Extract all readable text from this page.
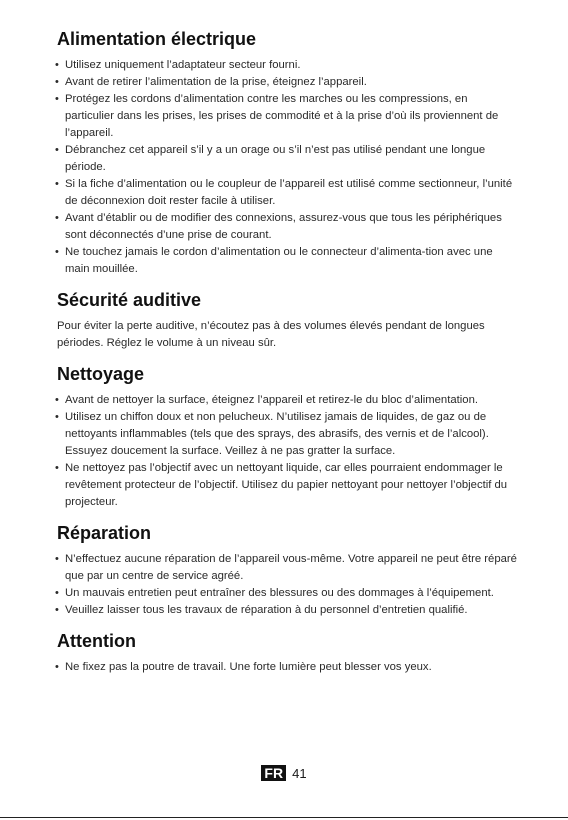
Alimentation électrique
• Utilisez uniquement l’adaptateur secteur fourni.
• Avant de retirer l’alimentation de la prise, éteignez l’appareil.
• Protégez les cordons d’alimentation contre les marches ou les compressions, en particulier dans les prises, les prises de commodité et à la prise d’où ils proviennent de l’appareil.
• Débranchez cet appareil s’il y a un orage ou s’il n’est pas utilisé pendant une longue période.
• Si la fiche d’alimentation ou le coupleur de l’appareil est utilisé comme sectionneur, l’unité de déconnexion doit rester facile à utiliser.
• Avant d’établir ou de modifier des connexions, assurez-vous que tous les périphériques sont déconnectés d’une prise de courant.
• Ne touchez jamais le cordon d’alimentation ou le connecteur d’alimenta-tion avec une main mouillée.
Sécurité auditive

Pour éviter la perte auditive, n’écoutez pas à des volumes élevés pendant de longues périodes. Réglez le volume à un niveau sûr.

Nettoyage
• Avant de nettoyer la surface, éteignez l’appareil et retirez-le du bloc d’alimentation.
• Utilisez un chiffon doux et non pelucheux. N’utilisez jamais de liquides, de gaz ou de nettoyants inflammables (tels que des sprays, des abrasifs, des vernis et de l’alcool). Essuyez doucement la surface. Veillez à ne pas gratter la surface.
• Ne nettoyez pas l’objectif avec un nettoyant liquide, car elles pourraient endommager le revêtement protecteur de l’objectif. Utilisez du papier nettoyant pour nettoyer l’objectif du projecteur.
Réparation
• N’effectuez aucune réparation de l’appareil vous-même. Votre appareil ne peut être réparé que par un centre de service agréé.
• Un mauvais entretien peut entraîner des blessures ou des dommages à l’équipement.
• Veuillez laisser tous les travaux de réparation à du personnel d’entretien qualifié.
Attention
• Ne fixez pas la poutre de travail. Une forte lumière peut blesser vos yeux.
FR 41
